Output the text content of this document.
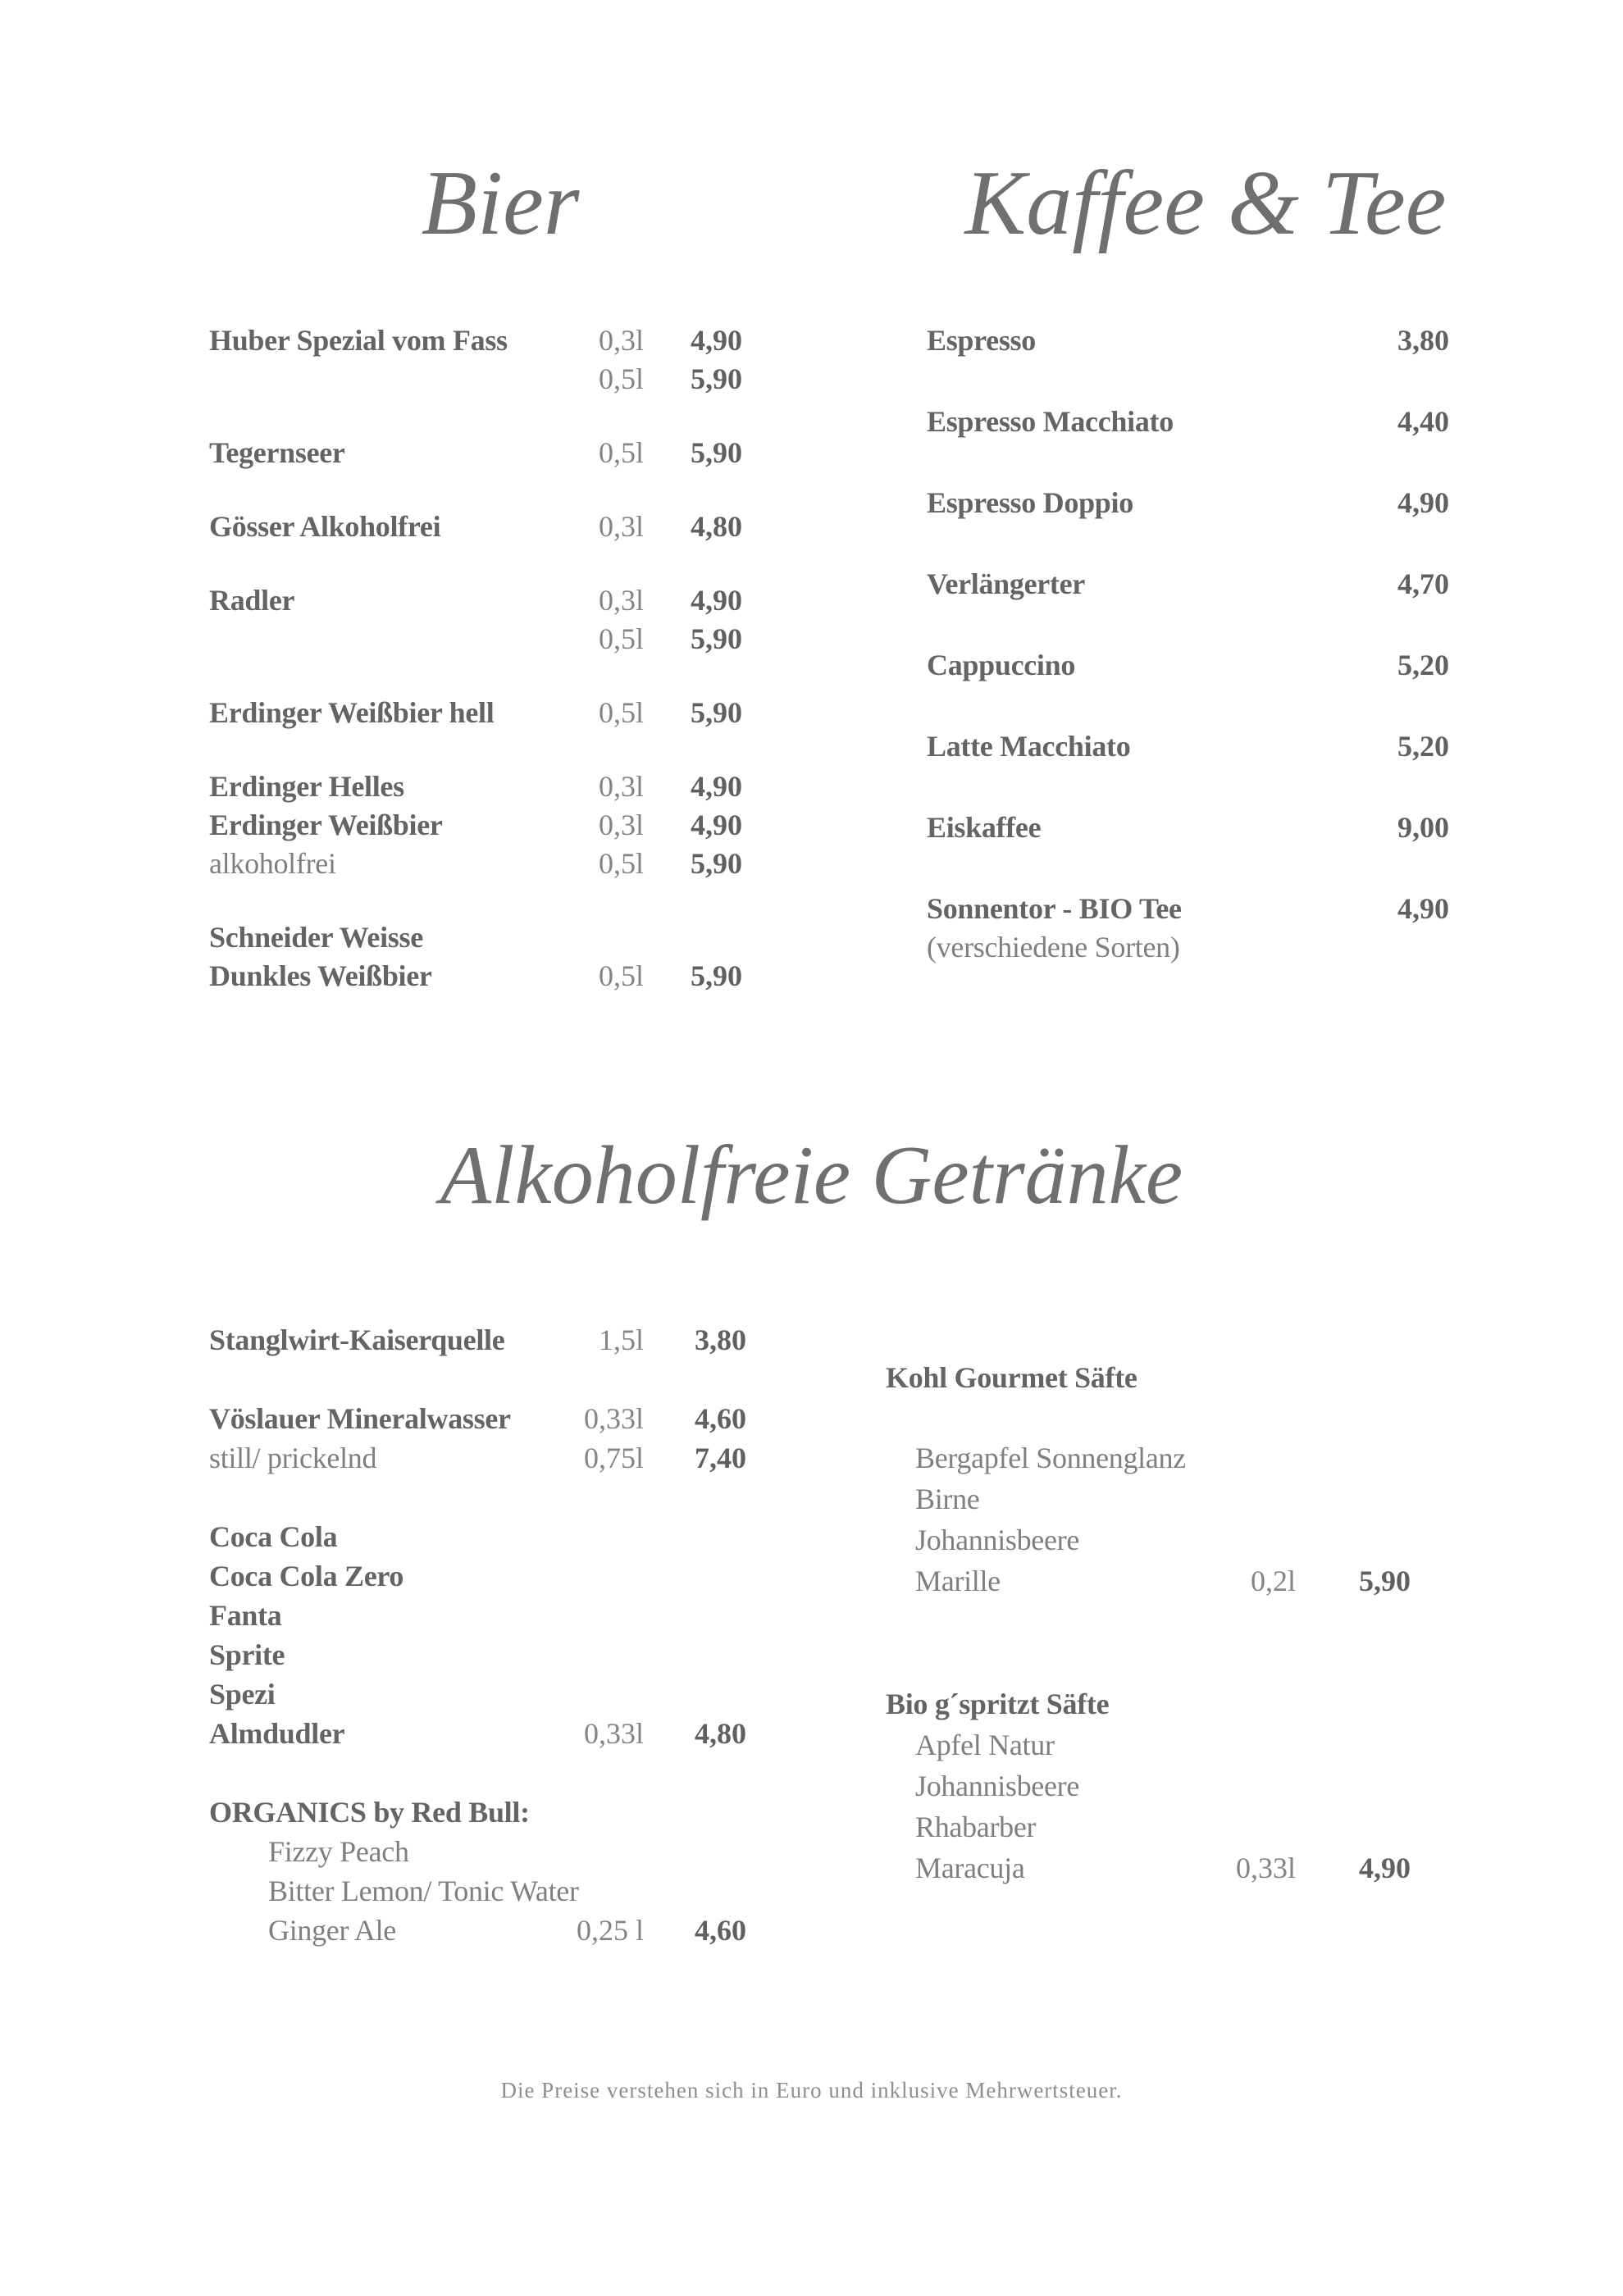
Bier	Kaffee & Tee
Huber Spezial vom Fass	0,3l	4,90
0,5l	5,90
Tegernseer	0,5l	5,90
Gösser Alkoholfrei	0,3l	4,80
Radler	0,3l	4,90
0,5l	5,90
Erdinger Weißbier hell	0,5l	5,90
Erdinger Helles	0,3l	4,90
Erdinger Weißbier	0,3l	4,90
alkoholfrei	0,5l	5,90
Schneider Weisse
Dunkles Weißbier	0,5l	5,90
Espresso	3,80
Espresso Macchiato	4,40
Espresso Doppio	4,90
Verlängerter	4,70
Cappuccino	5,20
Latte Macchiato	5,20
Eiskaffee	9,00
Sonnentor - BIO Tee	4,90
(verschiedene Sorten)
Alkoholfreie Getränke
Stanglwirt-Kaiserquelle	1,5l	3,80
Vöslauer Mineralwasser	0,33l	4,60
still/ prickelnd	0,75l	7,40
Coca Cola
Coca Cola Zero
Fanta
Sprite
Spezi
Almdudler	0,33l	4,80
ORGANICS by Red Bull:
Fizzy Peach
Bitter Lemon/ Tonic Water
Ginger Ale	0,25 l	4,60
Kohl Gourmet Säfte
Bergapfel Sonnenglanz
Birne
Johannisbeere
Marille	0,2l	5,90
Bio g´spritzt Säfte
Apfel Natur
Johannisbeere
Rhabarber
Maracuja	0,33l	4,90
Die Preise verstehen sich in Euro und inklusive Mehrwertsteuer.
